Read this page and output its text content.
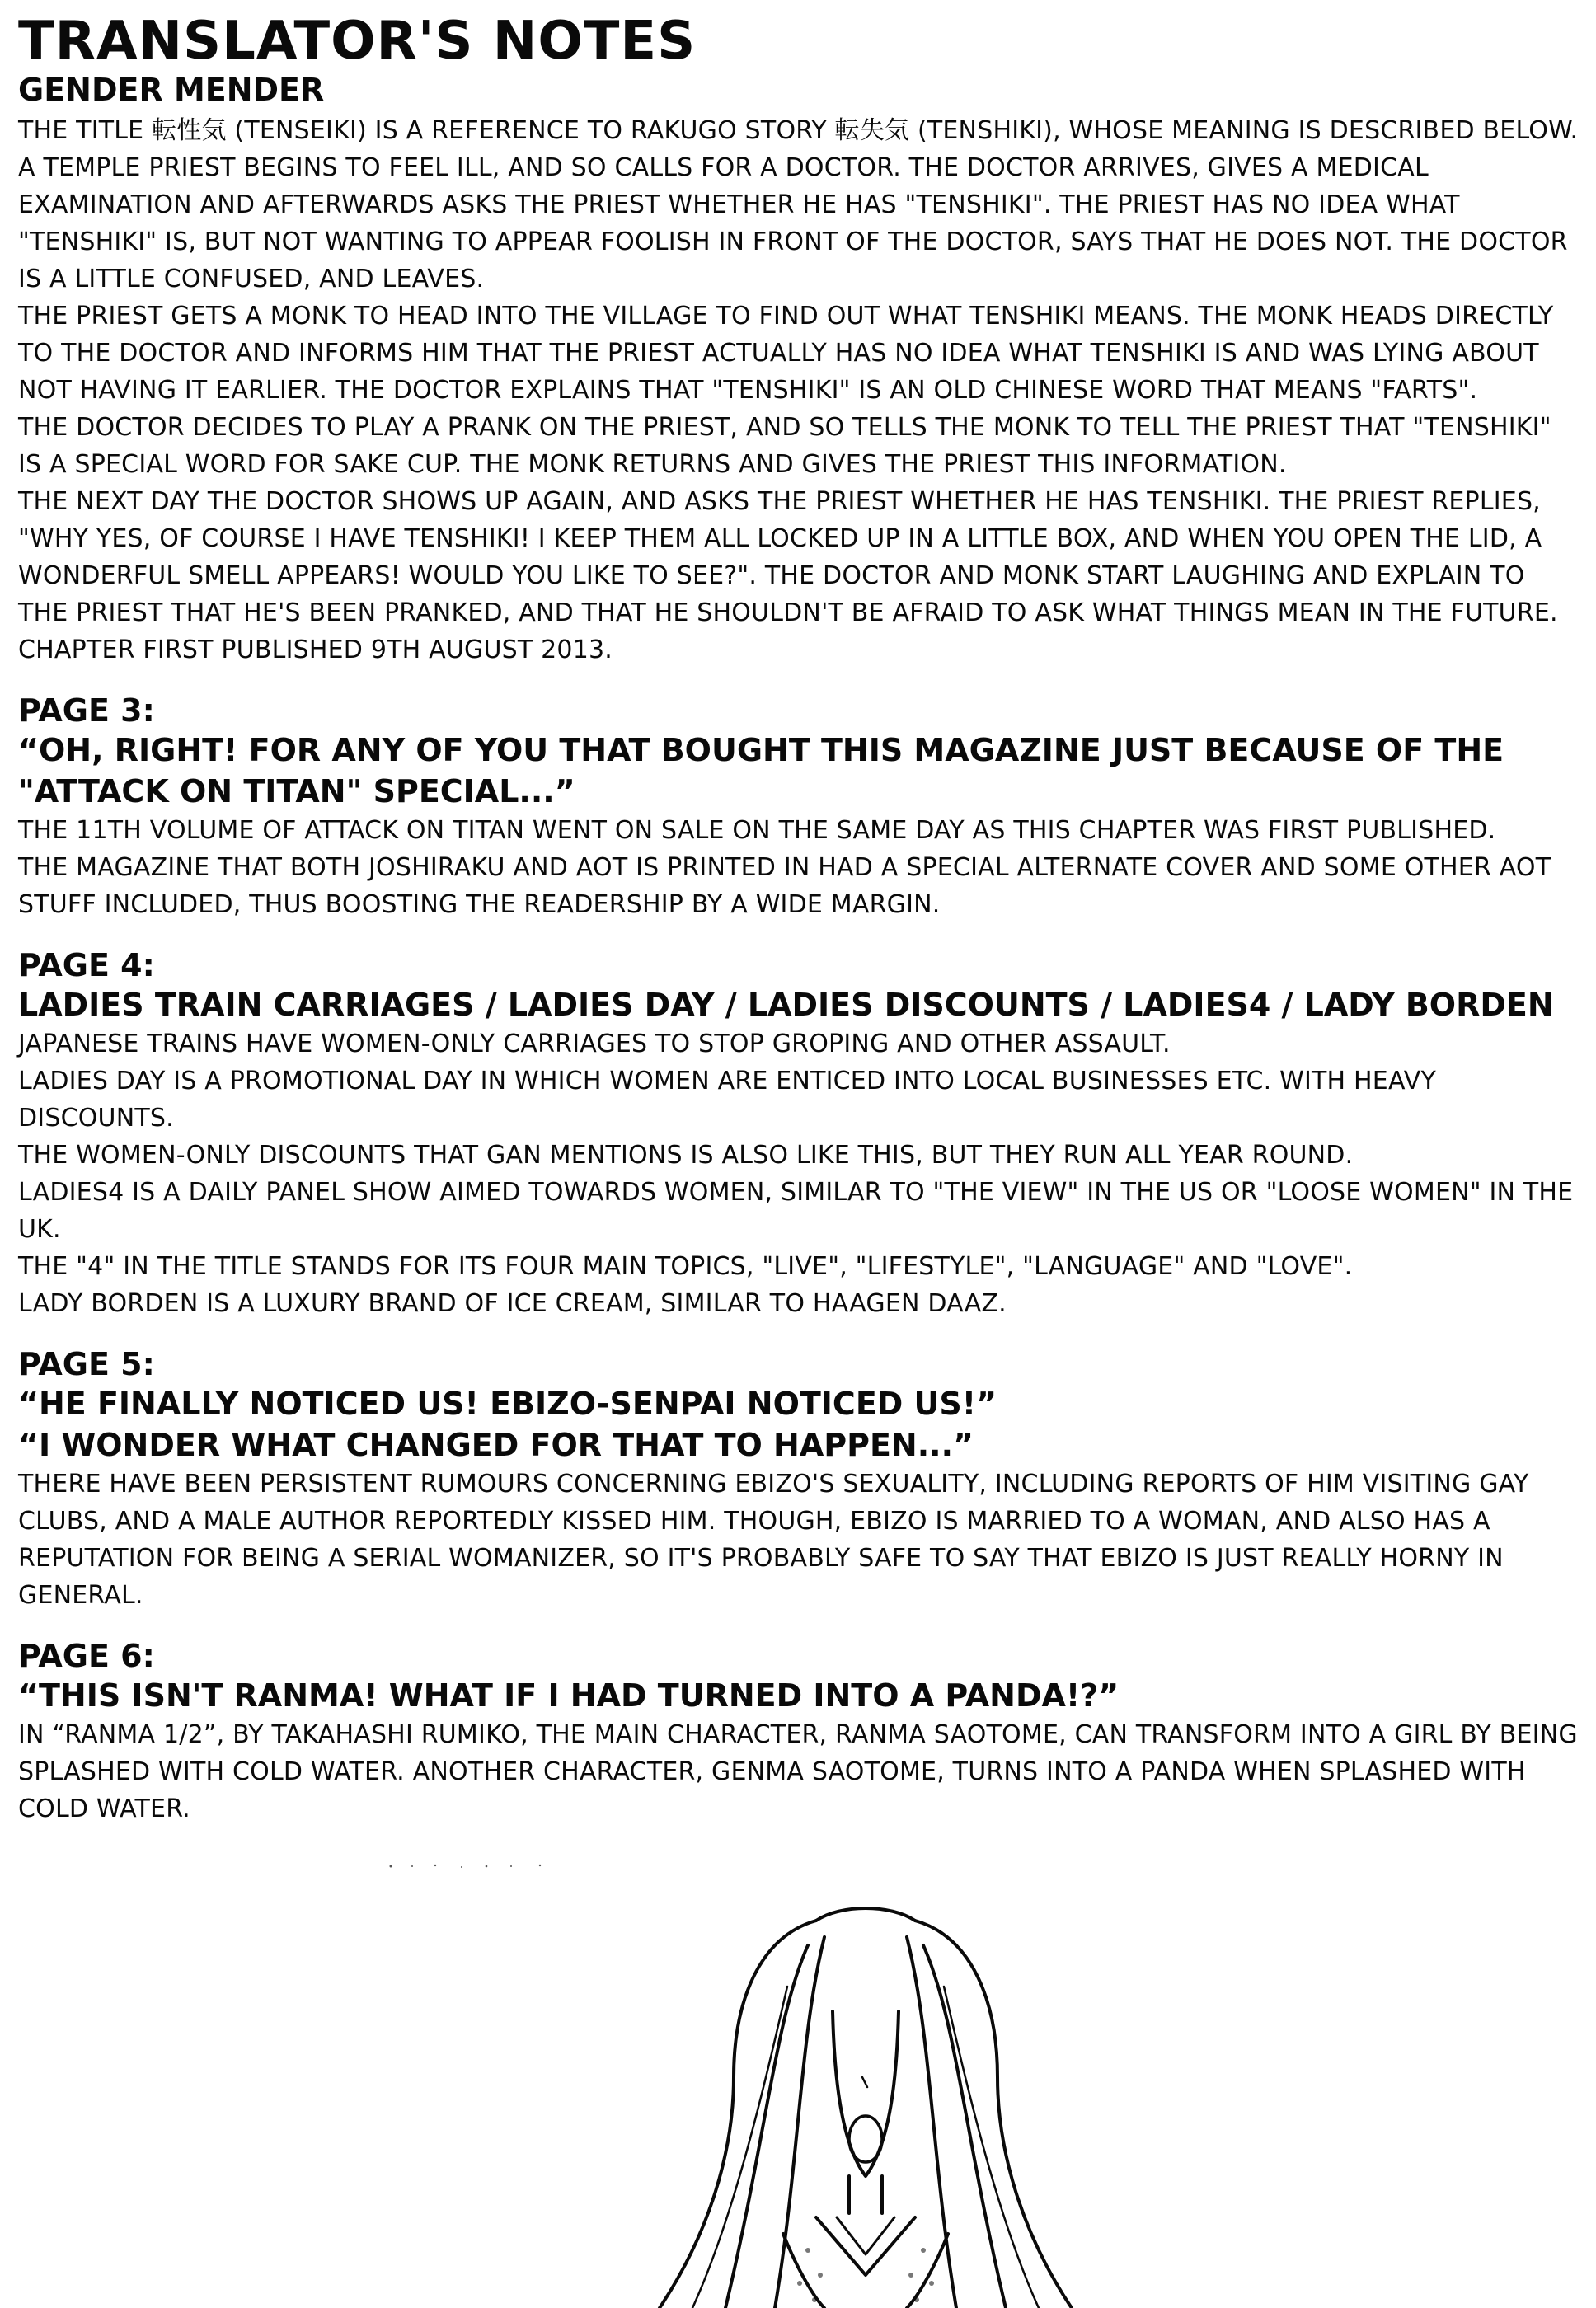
TRANSLATOR'S NOTES
GENDER MENDER

THE TITLE 転性気 (TENSEIKI) IS A REFERENCE TO RAKUGO STORY 転失気 (TENSHIKI), WHOSE MEANING IS DESCRIBED BELOW.

A TEMPLE PRIEST BEGINS TO FEEL ILL, AND SO CALLS FOR A DOCTOR. THE DOCTOR ARRIVES, GIVES A MEDICAL EXAMINATION AND AFTERWARDS ASKS THE PRIEST WHETHER HE HAS "TENSHIKI". THE PRIEST HAS NO IDEA WHAT "TENSHIKI" IS, BUT NOT WANTING TO APPEAR FOOLISH IN FRONT OF THE DOCTOR, SAYS THAT HE DOES NOT. THE DOCTOR IS A LITTLE CONFUSED, AND LEAVES.

THE PRIEST GETS A MONK TO HEAD INTO THE VILLAGE TO FIND OUT WHAT TENSHIKI MEANS. THE MONK HEADS DIRECTLY TO THE DOCTOR AND INFORMS HIM THAT THE PRIEST ACTUALLY HAS NO IDEA WHAT TENSHIKI IS AND WAS LYING ABOUT NOT HAVING IT EARLIER. THE DOCTOR EXPLAINS THAT "TENSHIKI" IS AN OLD CHINESE WORD THAT MEANS "FARTS".

THE DOCTOR DECIDES TO PLAY A PRANK ON THE PRIEST, AND SO TELLS THE MONK TO TELL THE PRIEST THAT "TENSHIKI" IS A SPECIAL WORD FOR SAKE CUP. THE MONK RETURNS AND GIVES THE PRIEST THIS INFORMATION.

THE NEXT DAY THE DOCTOR SHOWS UP AGAIN, AND ASKS THE PRIEST WHETHER HE HAS TENSHIKI. THE PRIEST REPLIES, "WHY YES, OF COURSE I HAVE TENSHIKI! I KEEP THEM ALL LOCKED UP IN A LITTLE BOX, AND WHEN YOU OPEN THE LID, A WONDERFUL SMELL APPEARS! WOULD YOU LIKE TO SEE?". THE DOCTOR AND MONK START LAUGHING AND EXPLAIN TO THE PRIEST THAT HE'S BEEN PRANKED, AND THAT HE SHOULDN'T BE AFRAID TO ASK WHAT THINGS MEAN IN THE FUTURE.

CHAPTER FIRST PUBLISHED 9TH AUGUST 2013.

PAGE 3:

“OH, RIGHT! FOR ANY OF YOU THAT BOUGHT THIS MAGAZINE JUST BECAUSE OF THE "ATTACK ON TITAN" SPECIAL...”

THE 11TH VOLUME OF ATTACK ON TITAN WENT ON SALE ON THE SAME DAY AS THIS CHAPTER WAS FIRST PUBLISHED.

THE MAGAZINE THAT BOTH JOSHIRAKU AND AOT IS PRINTED IN HAD A SPECIAL ALTERNATE COVER AND SOME OTHER AOT STUFF INCLUDED, THUS BOOSTING THE READERSHIP BY A WIDE MARGIN.

PAGE 4:

LADIES TRAIN CARRIAGES / LADIES DAY / LADIES DISCOUNTS / LADIES4 / LADY BORDEN

JAPANESE TRAINS HAVE WOMEN-ONLY CARRIAGES TO STOP GROPING AND OTHER ASSAULT.

LADIES DAY IS A PROMOTIONAL DAY IN WHICH WOMEN ARE ENTICED INTO LOCAL BUSINESSES ETC. WITH HEAVY DISCOUNTS.

THE WOMEN-ONLY DISCOUNTS THAT GAN MENTIONS IS ALSO LIKE THIS, BUT THEY RUN ALL YEAR ROUND.

LADIES4 IS A DAILY PANEL SHOW AIMED TOWARDS WOMEN, SIMILAR TO "THE VIEW" IN THE US OR "LOOSE WOMEN" IN THE UK.

THE "4" IN THE TITLE STANDS FOR ITS FOUR MAIN TOPICS, "LIVE", "LIFESTYLE", "LANGUAGE" AND "LOVE".

LADY BORDEN IS A LUXURY BRAND OF ICE CREAM, SIMILAR TO HAAGEN DAAZ.

PAGE 5:

“HE FINALLY NOTICED US! EBIZO-SENPAI NOTICED US!”

“I WONDER WHAT CHANGED FOR THAT TO HAPPEN...”

THERE HAVE BEEN PERSISTENT RUMOURS CONCERNING EBIZO'S SEXUALITY, INCLUDING REPORTS OF HIM VISITING GAY CLUBS, AND A MALE AUTHOR REPORTEDLY KISSED HIM. THOUGH, EBIZO IS MARRIED TO A WOMAN, AND ALSO HAS A REPUTATION FOR BEING A SERIAL WOMANIZER, SO IT'S PROBABLY SAFE TO SAY THAT EBIZO IS JUST REALLY HORNY IN GENERAL.

PAGE 6:

“THIS ISN'T RANMA! WHAT IF I HAD TURNED INTO A PANDA!?”

IN “RANMA 1/2”, BY TAKAHASHI RUMIKO, THE MAIN CHARACTER, RANMA SAOTOME, CAN TRANSFORM INTO A GIRL BY BEING SPLASHED WITH COLD WATER. ANOTHER CHARACTER, GENMA SAOTOME, TURNS INTO A PANDA WHEN SPLASHED WITH COLD WATER.
